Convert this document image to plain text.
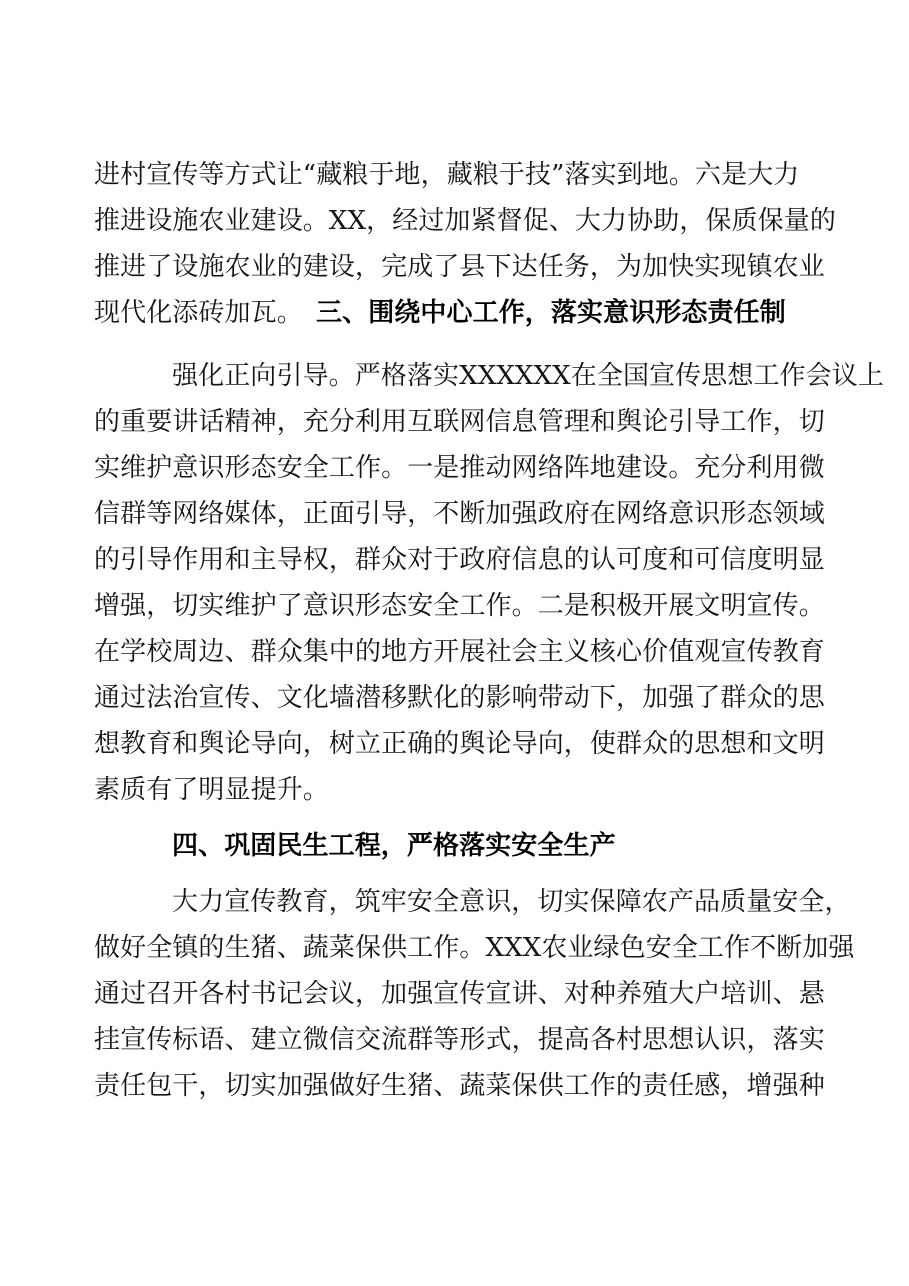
进村宣传等方式让“藏粮于地，藏粮于技”落实到地。六是大力
推进设施农业建设。XX，经过加紧督促、大力协助，保质保量的
推进了设施农业的建设，完成了县下达任务，为加快实现镇农业
现代化添砖加瓦。 三、围绕中心工作，落实意识形态责任制
强化正向引导。严格落实XXXXXX在全国宣传思想工作会议上
的重要讲话精神，充分利用互联网信息管理和舆论引导工作，切
实维护意识形态安全工作。一是推动网络阵地建设。充分利用微
信群等网络媒体，正面引导，不断加强政府在网络意识形态领域
的引导作用和主导权，群众对于政府信息的认可度和可信度明显
增强，切实维护了意识形态安全工作。二是积极开展文明宣传。
在学校周边、群众集中的地方开展社会主义核心价值观宣传教育
通过法治宣传、文化墙潜移默化的影响带动下，加强了群众的思
想教育和舆论导向，树立正确的舆论导向，使群众的思想和文明
素质有了明显提升。
四、巩固民生工程，严格落实安全生产
大力宣传教育，筑牢安全意识，切实保障农产品质量安全，
做好全镇的生猪、蔬菜保供工作。XXX农业绿色安全工作不断加强
通过召开各村书记会议，加强宣传宣讲、对种养殖大户培训、悬
挂宣传标语、建立微信交流群等形式，提高各村思想认识，落实
责任包干，切实加强做好生猪、蔬菜保供工作的责任感，增强种
